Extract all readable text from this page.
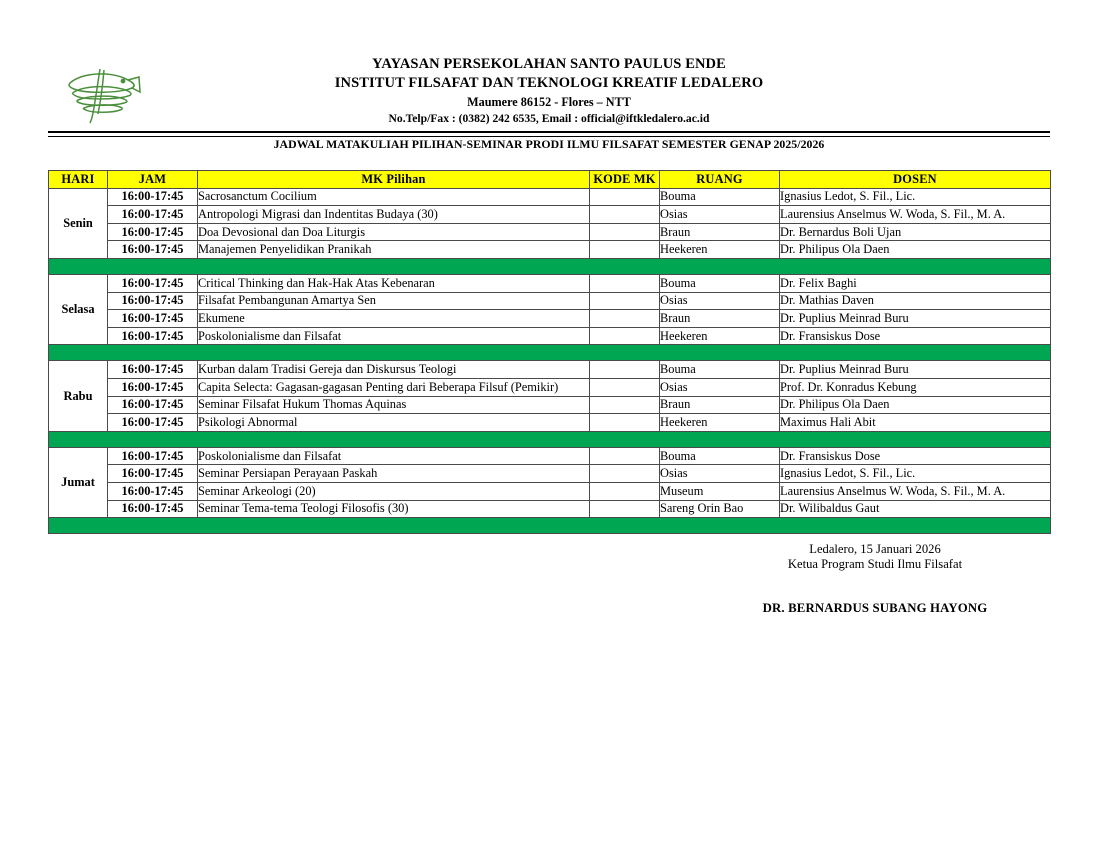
YAYASAN PERSEKOLAHAN SANTO PAULUS ENDE
INSTITUT FILSAFAT DAN TEKNOLOGI KREATIF LEDALERO
Maumere 86152 - Flores – NTT
No.Telp/Fax : (0382) 242 6535, Email : official@iftkledalero.ac.id
JADWAL MATAKULIAH PILIHAN-SEMINAR PRODI ILMU FILSAFAT SEMESTER GENAP 2025/2026
HARI	JAM	MK Pilihan	KODE MK	RUANG	DOSEN
Senin	16:00-17:45	Sacrosanctum Cocilium		Bouma	Ignasius Ledot, S. Fil., Lic.
	16:00-17:45	Antropologi Migrasi dan Indentitas Budaya (30)		Osias	Laurensius Anselmus W. Woda, S. Fil., M. A.
	16:00-17:45	Doa Devosional dan Doa Liturgis		Braun	Dr. Bernardus Boli Ujan
	16:00-17:45	Manajemen Penyelidikan Pranikah		Heekeren	Dr. Philipus Ola Daen

Selasa	16:00-17:45	Critical Thinking dan Hak-Hak Atas Kebenaran		Bouma	Dr. Felix Baghi
	16:00-17:45	Filsafat Pembangunan Amartya Sen		Osias	Dr. Mathias Daven
	16:00-17:45	Ekumene		Braun	Dr. Puplius Meinrad Buru
	16:00-17:45	Poskolonialisme dan Filsafat		Heekeren	Dr. Fransiskus Dose

Rabu	16:00-17:45	Kurban dalam Tradisi Gereja dan Diskursus Teologi		Bouma	Dr. Puplius Meinrad Buru
	16:00-17:45	Capita Selecta: Gagasan-gagasan Penting dari Beberapa Filsuf (Pemikir)		Osias	Prof. Dr. Konradus Kebung
	16:00-17:45	Seminar Filsafat Hukum Thomas Aquinas		Braun	Dr. Philipus Ola Daen
	16:00-17:45	Psikologi Abnormal		Heekeren	Maximus Hali Abit

Jumat	16:00-17:45	Poskolonialisme dan Filsafat		Bouma	Dr. Fransiskus Dose
	16:00-17:45	Seminar Persiapan Perayaan Paskah		Osias	Ignasius Ledot, S. Fil., Lic.
	16:00-17:45	Seminar Arkeologi (20)		Museum	Laurensius Anselmus W. Woda, S. Fil., M. A.
	16:00-17:45	Seminar Tema-tema Teologi Filosofis (30)		Sareng Orin Bao	Dr. Wilibaldus Gaut

Ledalero, 15 Januari 2026
Ketua Program Studi Ilmu Filsafat
DR. BERNARDUS SUBANG HAYONG
